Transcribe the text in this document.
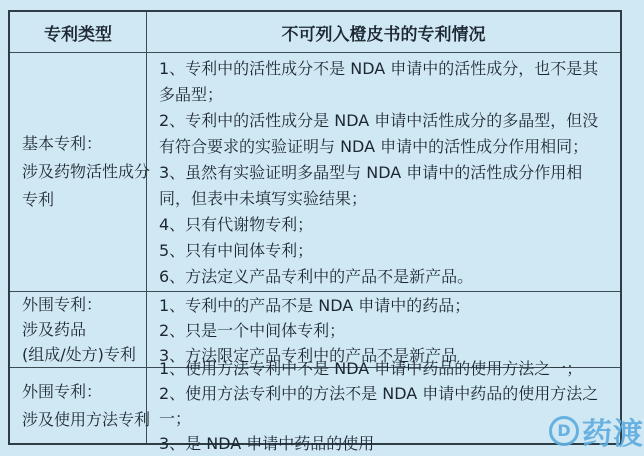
专利类型	不可列入橙皮书的专利情况
基本专利：
涉及药物活性成分
专利
1、专利中的活性成分不是 NDA 申请中的活性成分，也不是其多晶型；
2、专利中的活性成分是 NDA 申请中活性成分的多晶型，但没有符合要求的实验证明与 NDA 申请中的活性成分作用相同；
3、虽然有实验证明多晶型与 NDA 申请中的活性成分作用相同，但表中未填写实验结果；
4、只有代谢物专利；
5、只有中间体专利；
6、方法定义产品专利中的产品不是新产品。
外围专利：
涉及药品
(组成/处方)专利
1、专利中的产品不是 NDA 申请中的药品；
2、只是一个中间体专利；
3、方法限定产品专利中的产品不是新产品
外围专利：
涉及使用方法专利
1、使用方法专利中不是 NDA 申请中药品的使用方法之一；
2、使用方法专利中的方法不是 NDA 申请中药品的使用方法之一；
3、是 NDA 申请中药品的使用
D 药渡
